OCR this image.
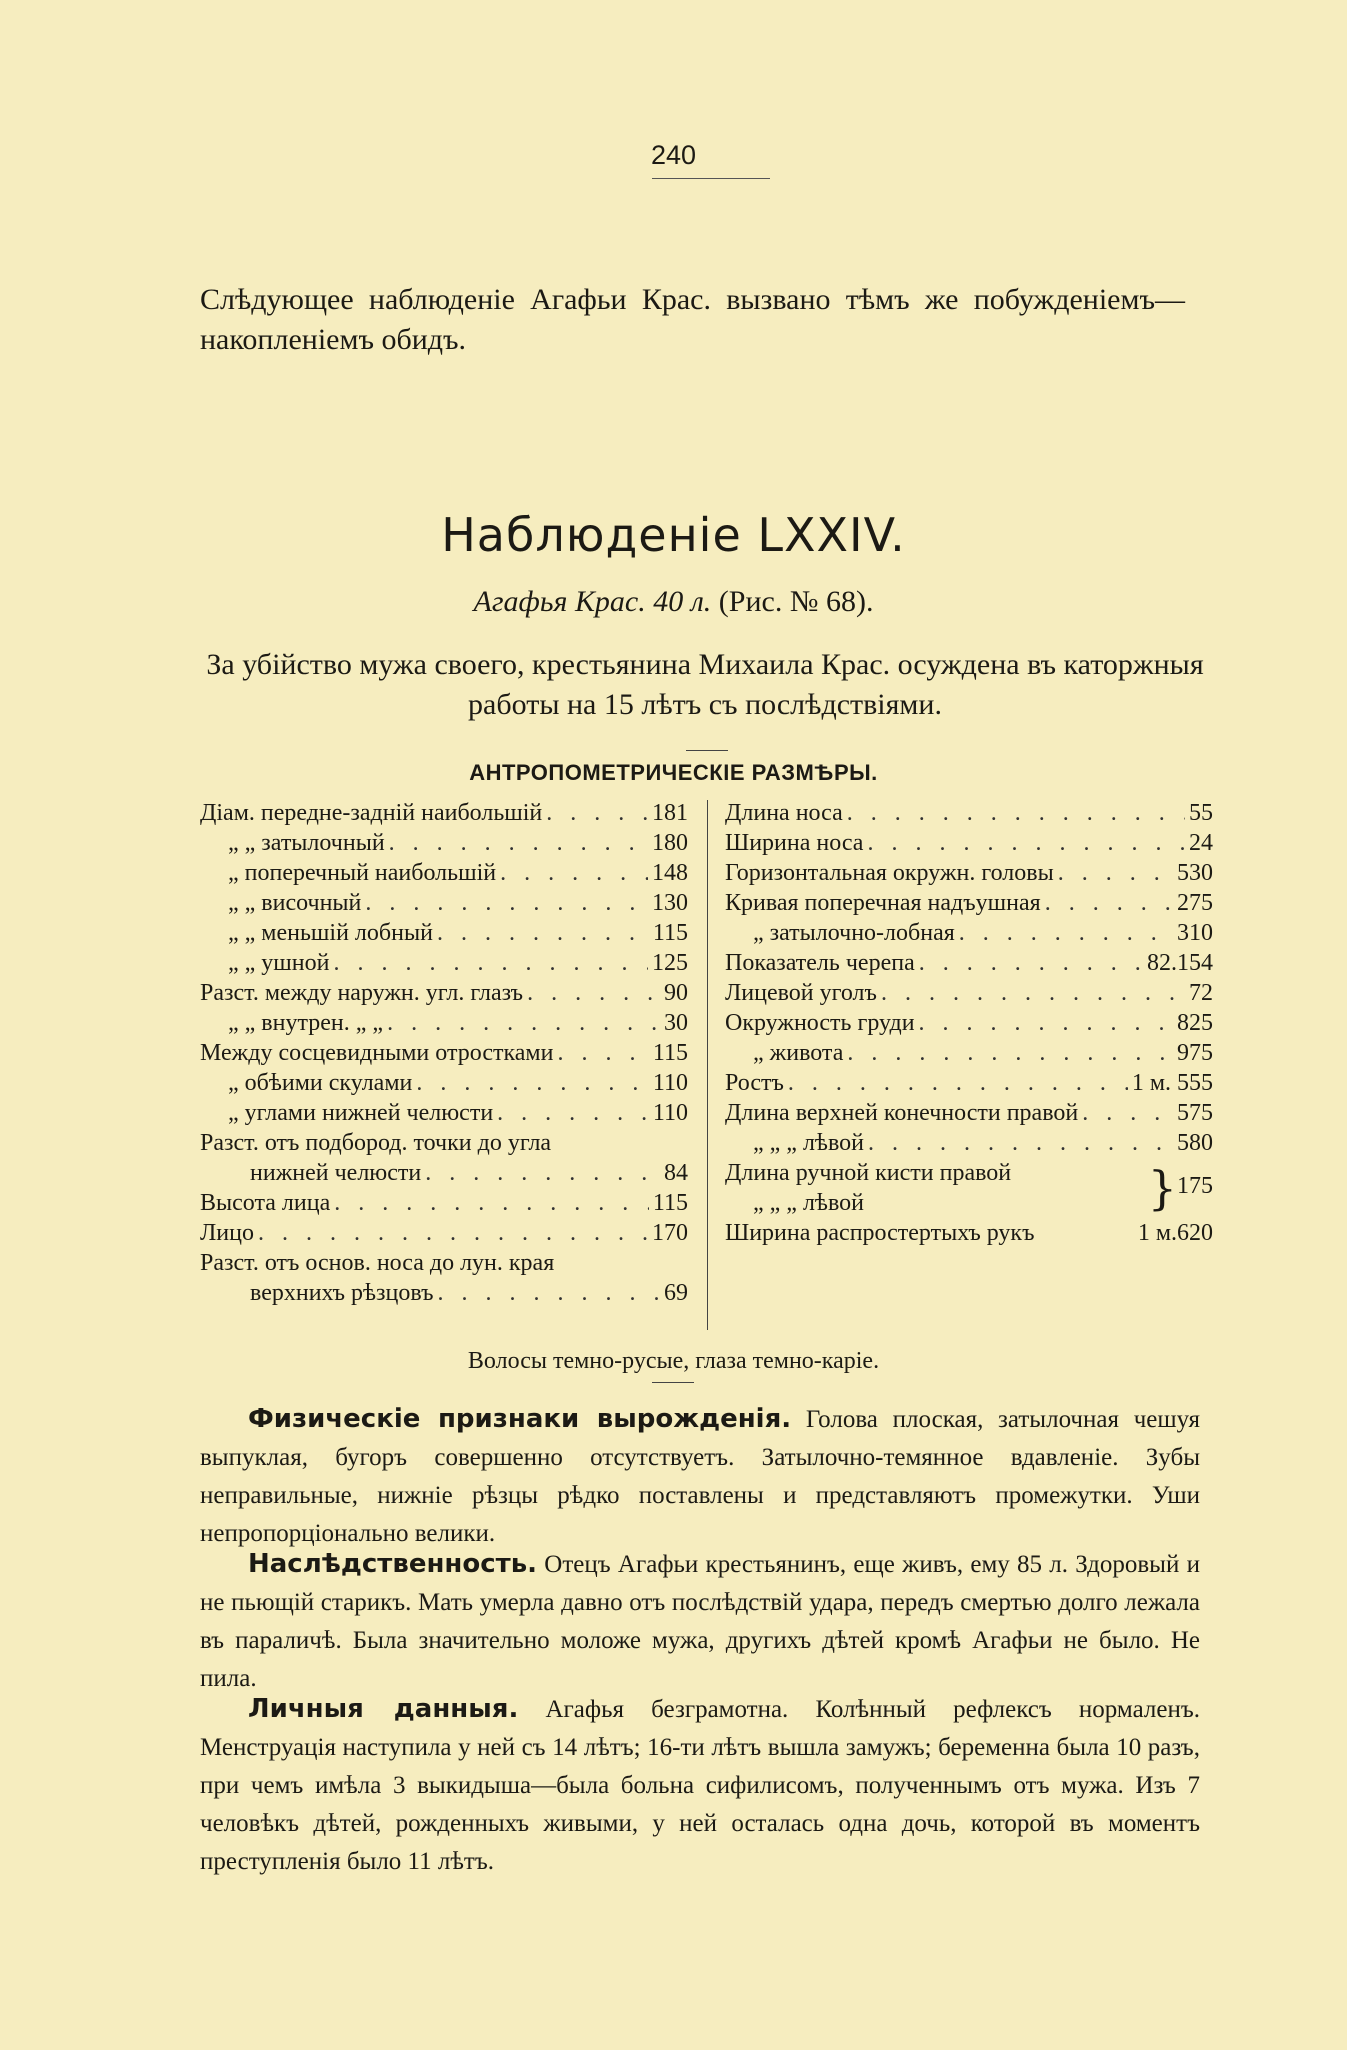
240
Слѣдующее наблюденіе Агафьи Крас. вызвано тѣмъ же побужденіемъ—накопленіемъ обидъ.
Наблюденіе LXXIV.
Агафья Крас. 40 л. (Рис. № 68).
За убійство мужа своего, крестьянина Михаила Крас. осуждена въ каторжныя работы на 15 лѣтъ съ послѣдствіями.
АНТРОПОМЕТРИЧЕСКІЕ РАЗМѢРЫ.
Діам. передне-задній наибольшій . . .	181
„ „ затылочный . . .	180
„ поперечный наибольшій . . .	148
„ „ височный . . .	130
„ „ меньшій лобный . . .	115
„ „ ушной . . .	125
Разст. между наружн. угл. глазъ . . .	90
„ „ внутрен. „ „ . . .	30
Между сосцевидными отростками . . .	115
„ обѣими скулами . . .	110
„ углами нижней челюсти . . .	110
Разст. отъ подбород. точки до угла
нижней челюсти . . .	84
Высота лица . . .	115
Лицо . . .	170
Разст. отъ основ. носа до лун. края
верхнихъ рѣзцовъ . . .	69
Длина носа . . .	55
Ширина носа . . .	24
Горизонтальная окружн. головы . . .	530
Кривая поперечная надъушная . . .	275
„ затылочно-лобная . . .	310
Показатель черепа . . .	82.154
Лицевой уголъ . . .	72
Окружность груди . . .	825
„ живота . . .	975
Ростъ . . .	1 м. 555
Длина верхней конечности правой . . .	575
„ „ „ лѣвой . . .	580
Длина ручной кисти правой
„ „ „ лѣвой	} 175
Ширина распростертыхъ рукъ	1 м.620
Волосы темно-русые, глаза темно-каріе.
Физическіе признаки вырожденія. Голова плоская, затылочная чешуя выпуклая, бугоръ совершенно отсутствуетъ. Затылочно-темянное вдавленіе. Зубы неправильные, нижніе рѣзцы рѣдко поставлены и представляютъ промежутки. Уши непропорціонально велики.
Наслѣдственность. Отецъ Агафьи крестьянинъ, еще живъ, ему 85 л. Здоровый и не пьющій старикъ. Мать умерла давно отъ послѣдствій удара, передъ смертью долго лежала въ параличѣ. Была значительно моложе мужа, другихъ дѣтей кромѣ Агафьи не было. Не пила.
Личныя данныя. Агафья безграмотна. Колѣнный рефлексъ нормаленъ. Менструація наступила у ней съ 14 лѣтъ; 16-ти лѣтъ вышла замужъ; беременна была 10 разъ, при чемъ имѣла 3 выкидыша—была больна сифилисомъ, полученнымъ отъ мужа. Изъ 7 человѣкъ дѣтей, рожденныхъ живыми, у ней осталась одна дочь, которой въ моментъ преступленія было 11 лѣтъ.
